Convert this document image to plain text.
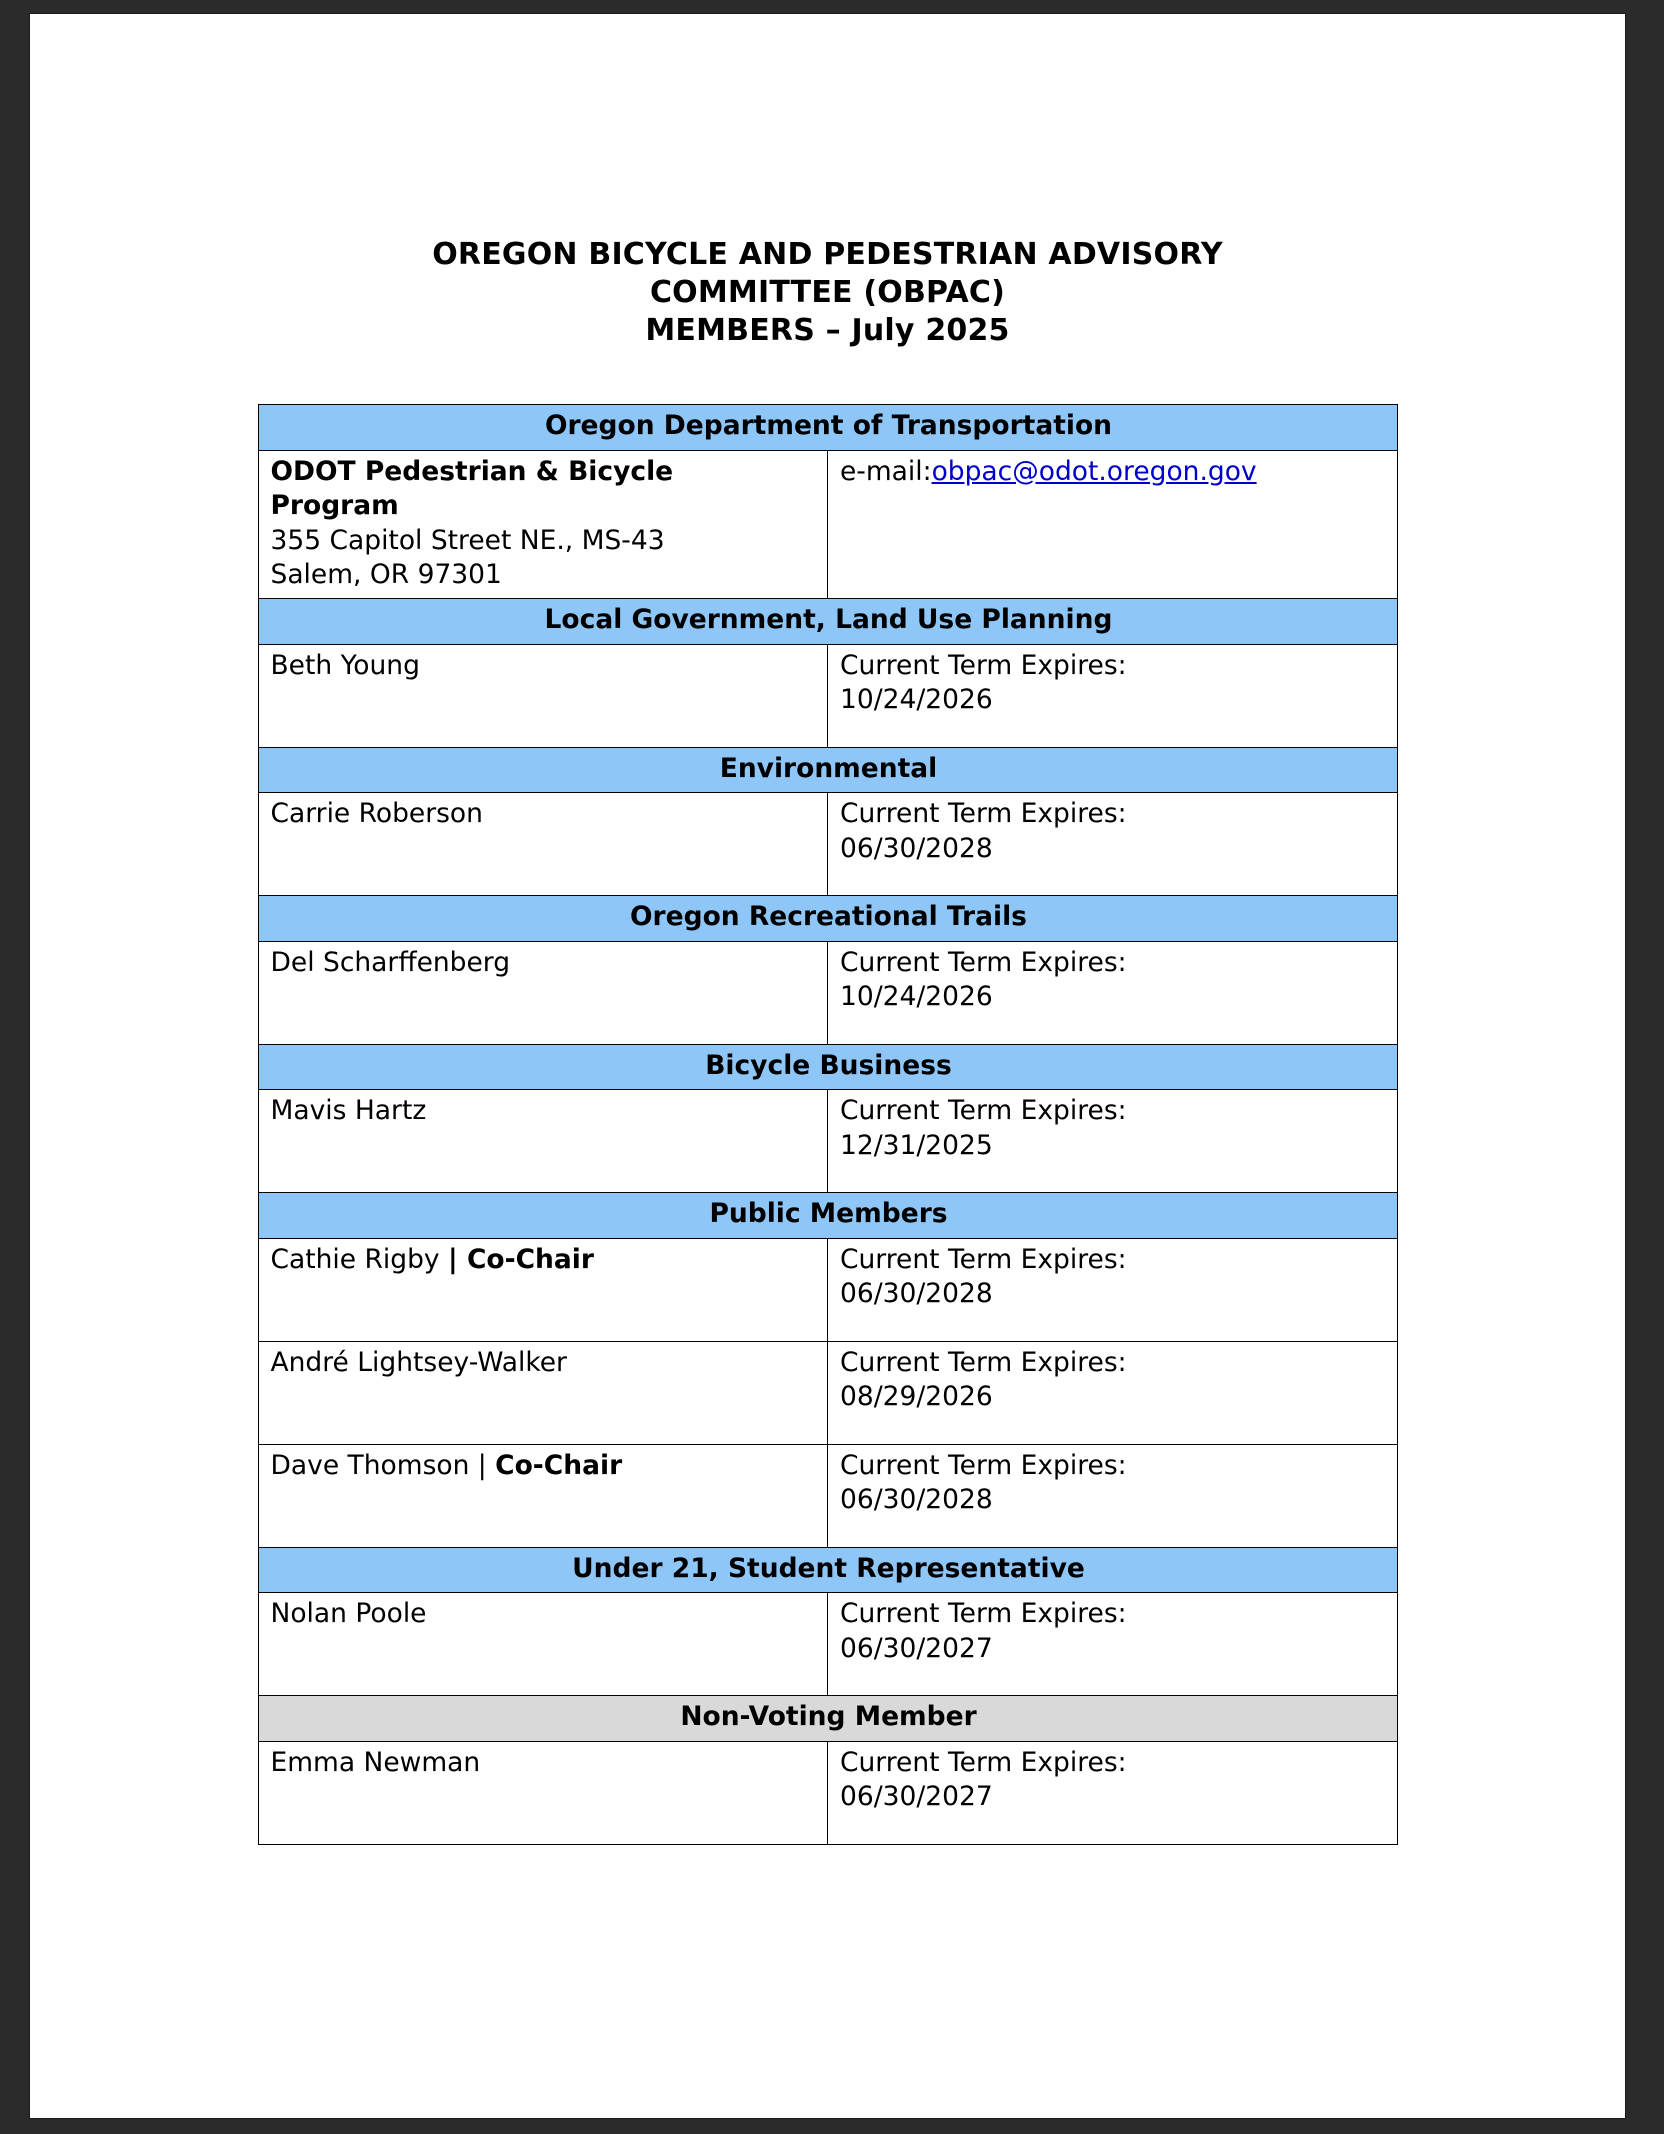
OREGON BICYCLE AND PEDESTRIAN ADVISORY
COMMITTEE (OBPAC)
MEMBERS – July 2025
Oregon Department of Transportation	

ODOT Pedestrian & Bicycle
Program
355 Capitol Street NE., MS-43
Salem, OR 97301	e-mail:obpac@odot.oregon.gov
Local Government, Land Use Planning	
Beth Young	Current Term Expires:
10/24/2026

Environmental	
Carrie Roberson	Current Term Expires:
06/30/2028

Oregon Recreational Trails	
Del Scharffenberg	Current Term Expires:
10/24/2026

Bicycle Business	
Mavis Hartz	Current Term Expires:
12/31/2025

Public Members	
Cathie Rigby | Co-Chair	Current Term Expires:
06/30/2028

André Lightsey-Walker	Current Term Expires:
08/29/2026

Dave Thomson | Co-Chair	Current Term Expires:
06/30/2028

Under 21, Student Representative	
Nolan Poole	Current Term Expires:
06/30/2027

Non-Voting Member	
Emma Newman	Current Term Expires:
06/30/2027
